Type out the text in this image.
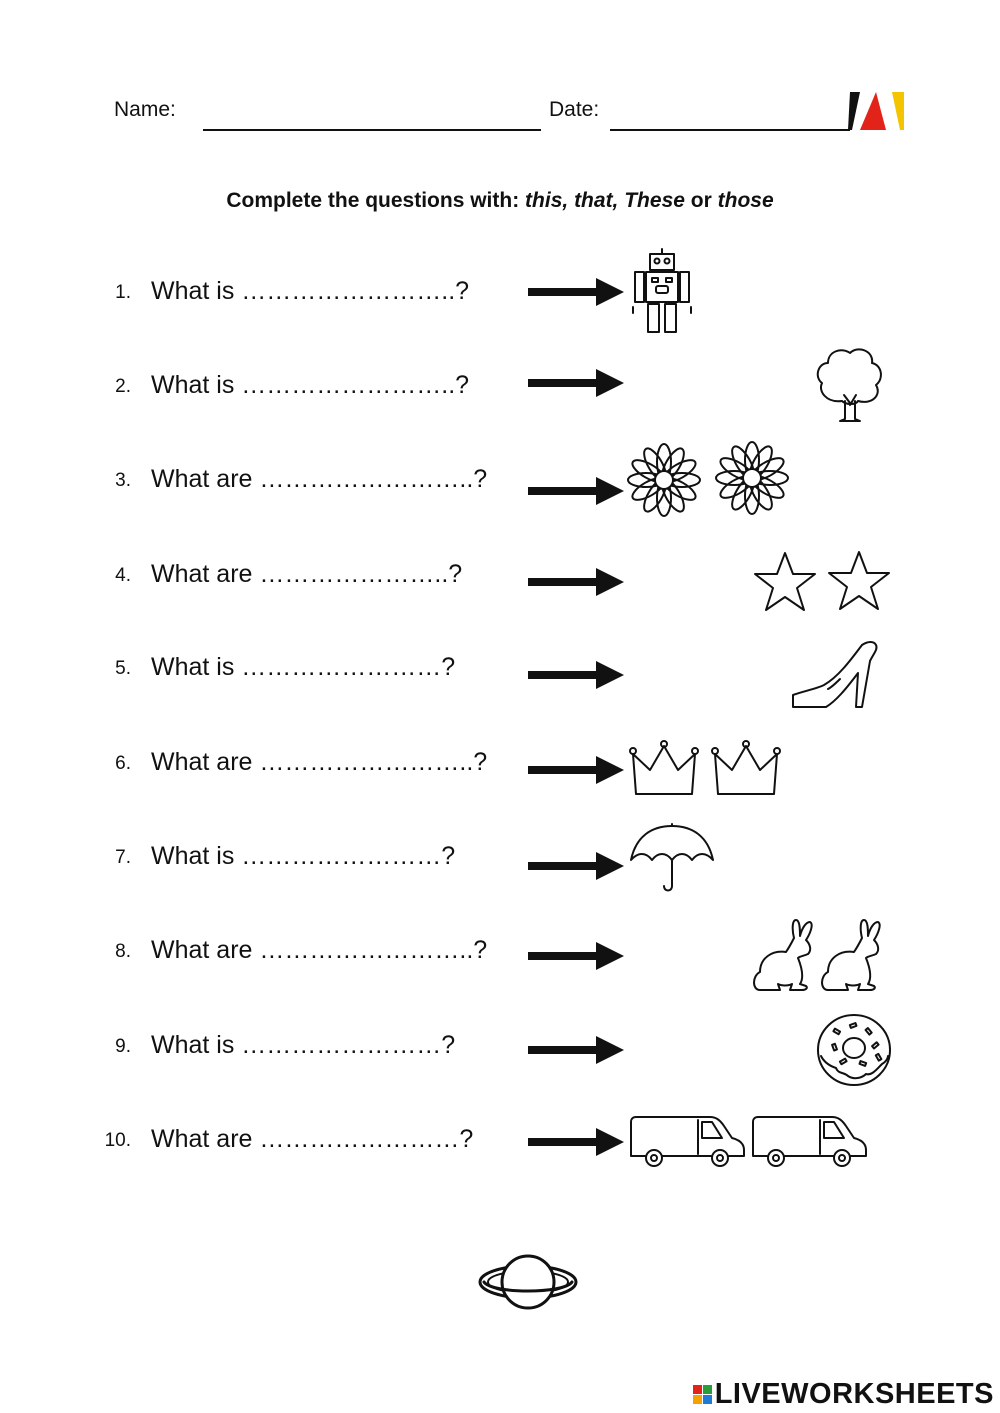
Name:	Date:
Complete the questions with: this, that, These or those
1. What is ……………………..?
2. What is ……………………..?
3. What are ……………………..?
4. What are …………………..?
5. What is ……………………?
6. What are ……………………..?
7. What is ……………………?
8. What are ……………………..?
9. What is ……………………?
10. What are ……………………?
LIVEWORKSHEETS
